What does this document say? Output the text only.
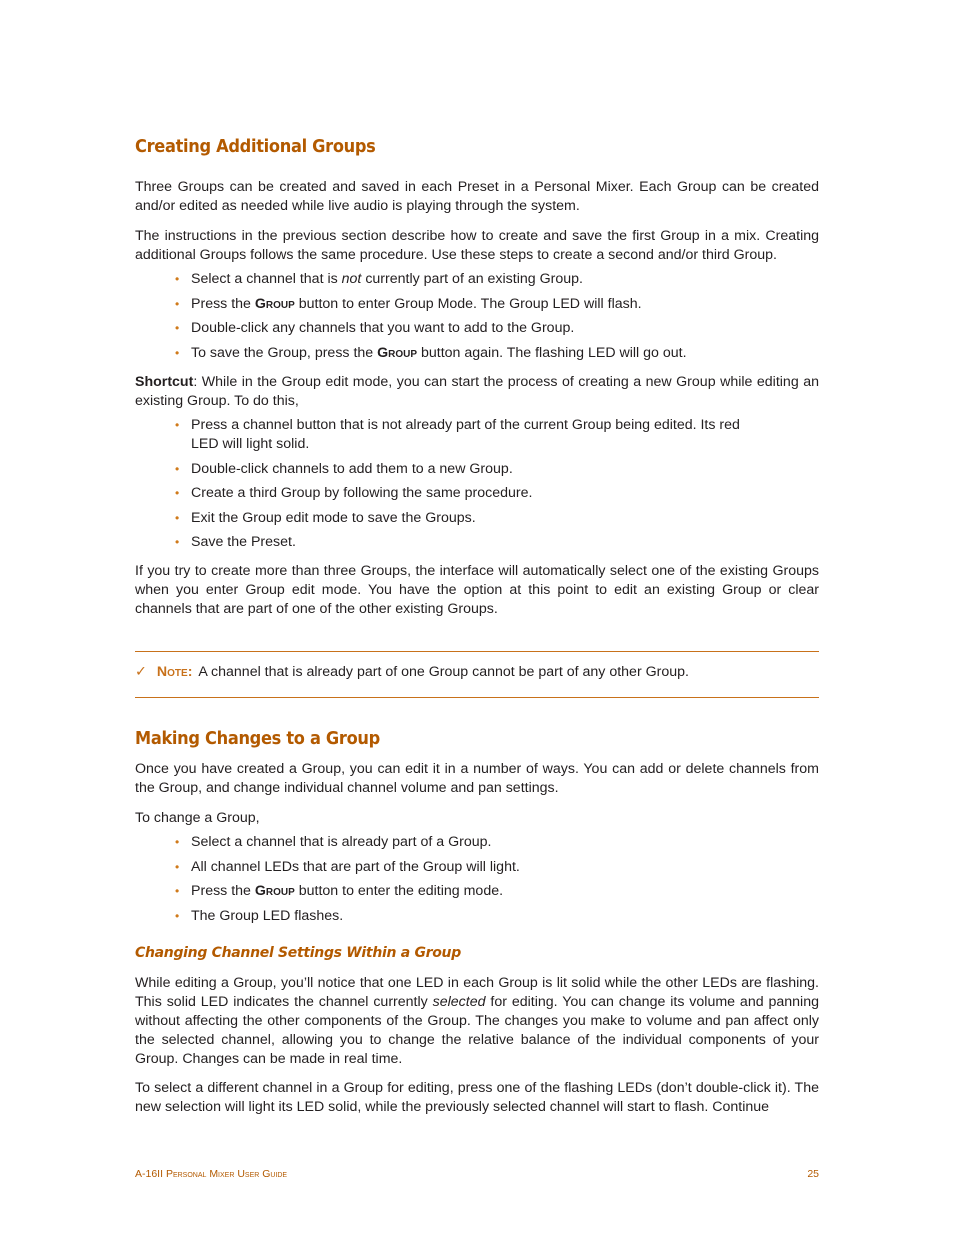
Creating Additional Groups

Three Groups can be created and saved in each Preset in a Personal Mixer. Each Group can be created and/or edited as needed while live audio is playing through the system.

The instructions in the previous section describe how to create and save the first Group in a mix. Creating additional Groups follows the same procedure. Use these steps to create a second and/or third Group.

• Select a channel that is not currently part of an existing Group.
• Press the Group button to enter Group Mode. The Group LED will flash.
• Double-click any channels that you want to add to the Group.
• To save the Group, press the Group button again. The flashing LED will go out.

Shortcut: While in the Group edit mode, you can start the process of creating a new Group while editing an existing Group. To do this,

• Press a channel button that is not already part of the current Group being edited. Its red
LED will light solid.
• Double-click channels to add them to a new Group.
• Create a third Group by following the same procedure.
• Exit the Group edit mode to save the Groups.
• Save the Preset.

If you try to create more than three Groups, the interface will automatically select one of the existing Groups when you enter Group edit mode. You have the option at this point to edit an existing Group or clear channels that are part of one of the other existing Groups.

✓ Note: A channel that is already part of one Group cannot be part of any other Group.
Making Changes to a Group

Once you have created a Group, you can edit it in a number of ways. You can add or delete channels from the Group, and change individual channel volume and pan settings.

To change a Group,

• Select a channel that is already part of a Group.
• All channel LEDs that are part of the Group will light.
• Press the Group button to enter the editing mode.
• The Group LED flashes.
Changing Channel Settings Within a Group

While editing a Group, you’ll notice that one LED in each Group is lit solid while the other LEDs are flashing. This solid LED indicates the channel currently selected for editing. You can change its volume and panning without affecting the other components of the Group. The changes you make to volume and pan affect only the selected channel, allowing you to change the relative balance of the individual components of your Group. Changes can be made in real time.

To select a different channel in a Group for editing, press one of the flashing LEDs (don’t double-click it). The new selection will light its LED solid, while the previously selected channel will start to flash. Continue

A-16II Personal Mixer User Guide	25
